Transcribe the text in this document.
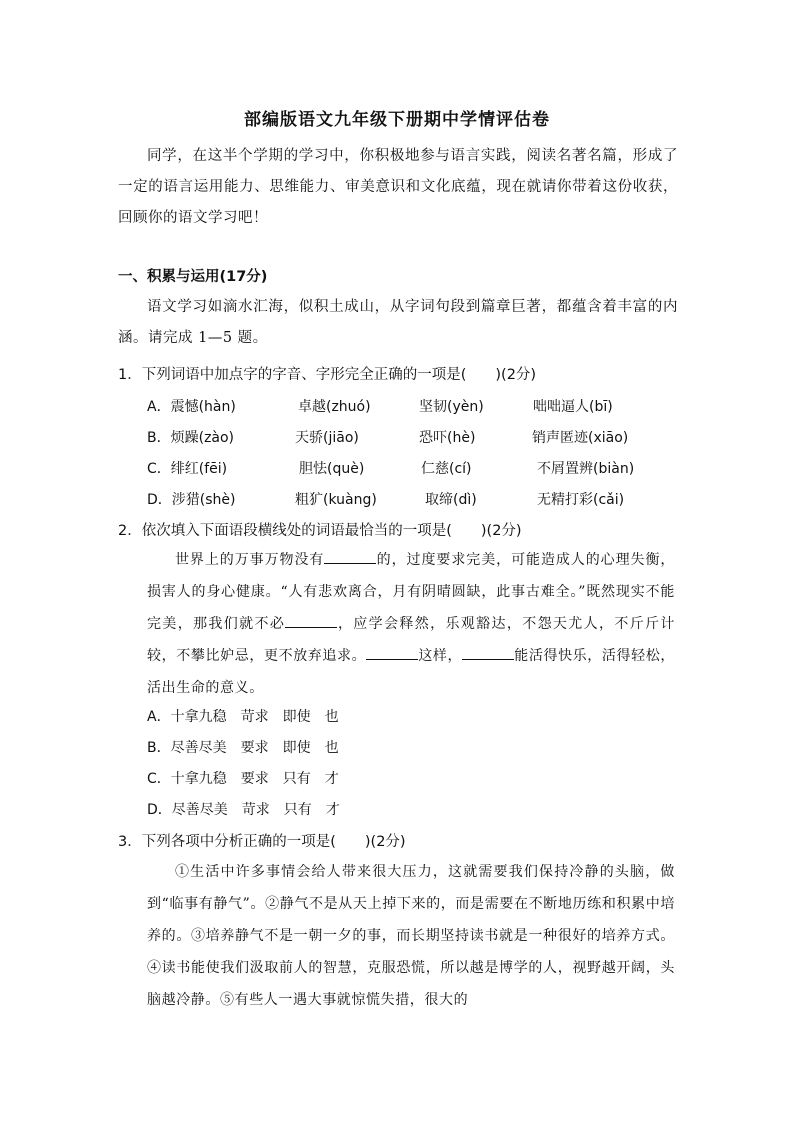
部编版语文九年级下册期中学情评估卷
同学，在这半个学期的学习中，你积极地参与语言实践，阅读名著名篇，形成了一定的语言运用能力、思维能力、审美意识和文化底蕴，现在就请你带着这份收获，回顾你的语文学习吧！
一、积累与运用(17分)
语文学习如滴水汇海，似积土成山，从字词句段到篇章巨著，都蕴含着丰富的内涵。请完成 1—5 题。
1．下列词语中加点字的字音、字形完全正确的一项是(　　)(2分)
A．震憾(hàn)	卓越(zhuó)	坚韧(yèn)	咄咄逼人(bī)
B．烦躁(zào)	天骄(jiāo)	恐吓(hè)	销声匿迹(xiāo)
C．绯红(fēi)	胆怯(què)	仁慈(cí)	不屑置辨(biàn)
D．涉猎(shè)	粗犷(kuàng)	取缔(dì)	无精打彩(cǎi)
2．依次填入下面语段横线处的词语最恰当的一项是(　　)(2分)
世界上的万事万物没有	的，过度要求完美，可能造成人的心理失衡，损害人的身心健康。“人有悲欢离合，月有阴晴圆缺，此事古难全。”既然现实不能完美，那我们就不必	，应学会释然，乐观豁达，不怨天尤人，不斤斤计较，不攀比妒忌，更不放弃追求。	这样，	能活得快乐，活得轻松，活出生命的意义。
A．十拿九稳　苛求　即使　也
B．尽善尽美　要求　即使　也
C．十拿九稳　要求　只有　才
D．尽善尽美　苛求　只有　才
3．下列各项中分析正确的一项是(　　)(2分)
①生活中许多事情会给人带来很大压力，这就需要我们保持冷静的头脑，做到“临事有静气”。②静气不是从天上掉下来的，而是需要在不断地历练和积累中培养的。③培养静气不是一朝一夕的事，而长期坚持读书就是一种很好的培养方式。④读书能使我们汲取前人的智慧，克服恐慌，所以越是博学的人，视野越开阔，头脑越冷静。⑤有些人一遇大事就惊慌失措，很大的
